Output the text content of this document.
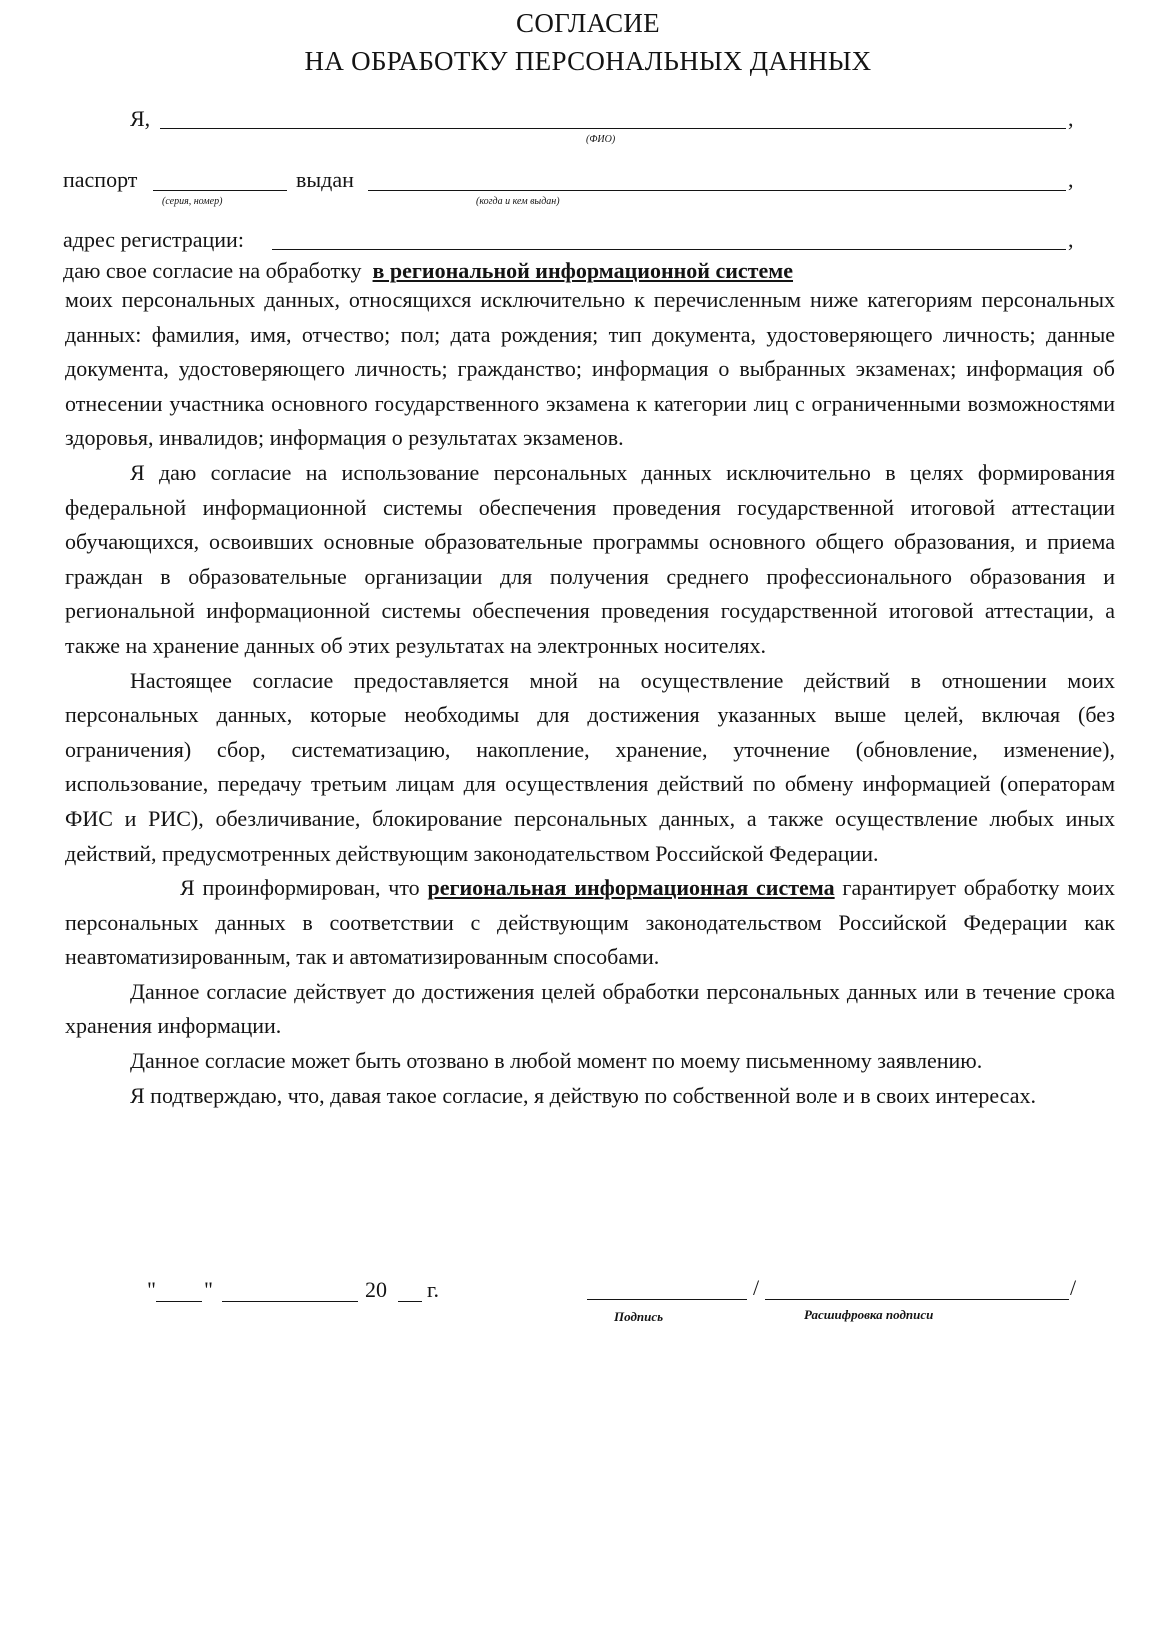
СОГЛАСИЕ
НА ОБРАБОТКУ ПЕРСОНАЛЬНЫХ ДАННЫХ
Я,	,
(ФИО)
паспорт
(серия, номер)
выдан	,
(когда и кем выдан)
адрес регистрации:	,
даю свое согласие на обработку в региональной информационной системе

моих персональных данных, относящихся исключительно к перечисленным ниже категориям персональных данных: фамилия, имя, отчество; пол; дата рождения; тип документа, удостоверяющего личность; данные документа, удостоверяющего личность; гражданство; информация о выбранных экзаменах; информация об отнесении участника основного государственного экзамена к категории лиц с ограниченными возможностями здоровья, инвалидов; информация о результатах экзаменов.

Я даю согласие на использование персональных данных исключительно в целях формирования федеральной информационной системы обеспечения проведения государственной итоговой аттестации обучающихся, освоивших основные образовательные программы основного общего образования, и приема граждан в образовательные организации для получения среднего профессионального образования и региональной информационной системы обеспечения проведения государственной итоговой аттестации, а также на хранение данных об этих результатах на электронных носителях.

Настоящее согласие предоставляется мной на осуществление действий в отношении моих персональных данных, которые необходимы для достижения указанных выше целей, включая (без ограничения) сбор, систематизацию, накопление, хранение, уточнение (обновление, изменение), использование, передачу третьим лицам для осуществления действий по обмену информацией (операторам ФИС и РИС), обезличивание, блокирование персональных данных, а также осуществление любых иных действий, предусмотренных действующим законодательством Российской Федерации.

Я проинформирован, что региональная информационная система гарантирует обработку моих персональных данных в соответствии с действующим законодательством Российской Федерации как неавтоматизированным, так и автоматизированным способами.

Данное согласие действует до достижения целей обработки персональных данных или в течение срока хранения информации.

Данное согласие может быть отозвано в любой момент по моему письменному заявлению.

Я подтверждаю, что, давая такое согласие, я действую по собственной воле и в своих интересах.

" "	20 г.	/	/
Подпись	Расшифровка подписи
